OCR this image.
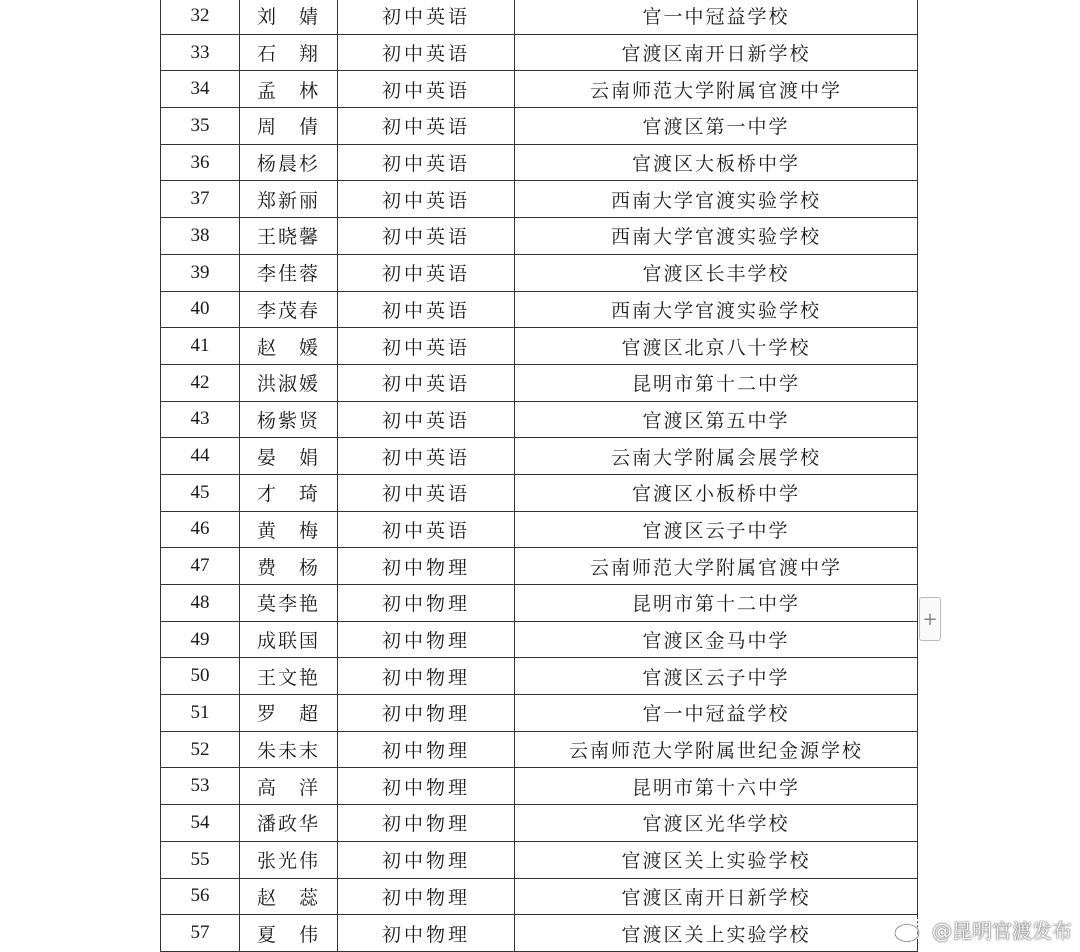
32	刘　婧	初中英语	官一中冠益学校
33	石　翔	初中英语	官渡区南开日新学校
34	孟　林	初中英语	云南师范大学附属官渡中学
35	周　倩	初中英语	官渡区第一中学
36	杨晨杉	初中英语	官渡区大板桥中学
37	郑新丽	初中英语	西南大学官渡实验学校
38	王晓馨	初中英语	西南大学官渡实验学校
39	李佳蓉	初中英语	官渡区长丰学校
40	李茂春	初中英语	西南大学官渡实验学校
41	赵　媛	初中英语	官渡区北京八十学校
42	洪淑媛	初中英语	昆明市第十二中学
43	杨紫贤	初中英语	官渡区第五中学
44	晏　娟	初中英语	云南大学附属会展学校
45	才　琦	初中英语	官渡区小板桥中学
46	黄　梅	初中英语	官渡区云子中学
47	费　杨	初中物理	云南师范大学附属官渡中学
48	莫李艳	初中物理	昆明市第十二中学
49	成联国	初中物理	官渡区金马中学
50	王文艳	初中物理	官渡区云子中学
51	罗　超	初中物理	官一中冠益学校
52	朱未末	初中物理	云南师范大学附属世纪金源学校
53	高　洋	初中物理	昆明市第十六中学
54	潘政华	初中物理	官渡区光华学校
55	张光伟	初中物理	官渡区关上实验学校
56	赵　蕊	初中物理	官渡区南开日新学校
57	夏　伟	初中物理	官渡区关上实验学校
+
@昆明官渡发布
